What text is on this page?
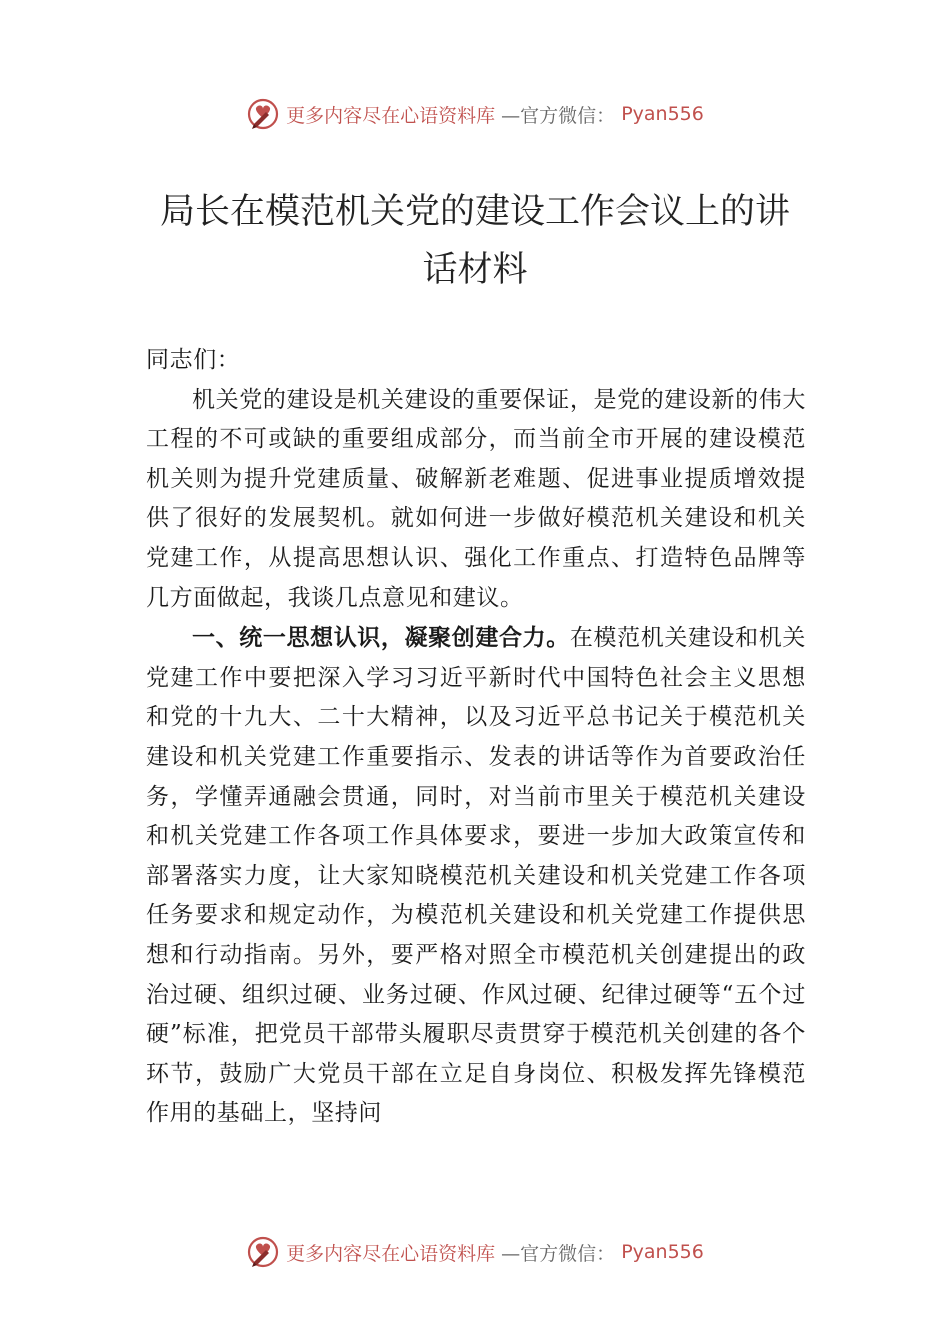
更多内容尽在心语资料库 —官方微信： Pyan556
局长在模范机关党的建设工作会议上的讲
话材料

同志们：

机关党的建设是机关建设的重要保证，是党的建设新的伟大工程的不可或缺的重要组成部分，而当前全市开展的建设模范机关则为提升党建质量、破解新老难题、促进事业提质增效提供了很好的发展契机。就如何进一步做好模范机关建设和机关党建工作，从提高思想认识、强化工作重点、打造特色品牌等几方面做起，我谈几点意见和建议。

一、统一思想认识，凝聚创建合力。在模范机关建设和机关党建工作中要把深入学习习近平新时代中国特色社会主义思想和党的十九大、二十大精神，以及习近平总书记关于模范机关建设和机关党建工作重要指示、发表的讲话等作为首要政治任务，学懂弄通融会贯通，同时，对当前市里关于模范机关建设和机关党建工作各项工作具体要求，要进一步加大政策宣传和部署落实力度，让大家知晓模范机关建设和机关党建工作各项任务要求和规定动作，为模范机关建设和机关党建工作提供思想和行动指南。另外，要严格对照全市模范机关创建提出的政治过硬、组织过硬、业务过硬、作风过硬、纪律过硬等“五个过硬”标准，把党员干部带头履职尽责贯穿于模范机关创建的各个环节，鼓励广大党员干部在立足自身岗位、积极发挥先锋模范作用的基础上，坚持问

更多内容尽在心语资料库 —官方微信： Pyan556
